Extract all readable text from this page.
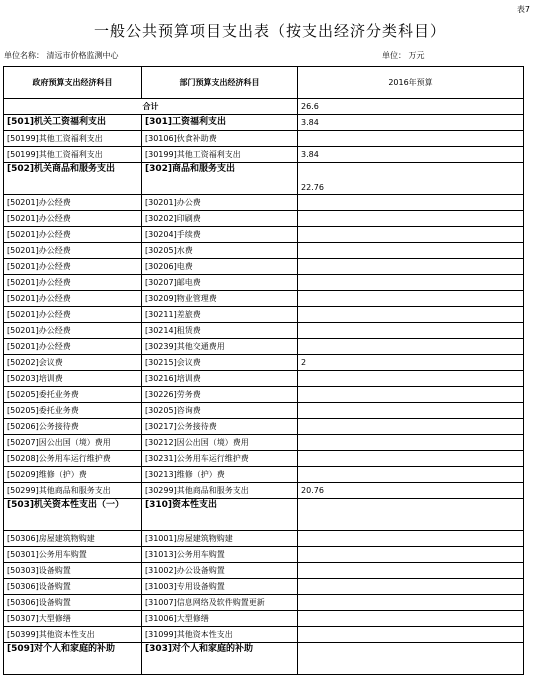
表7
一般公共预算项目支出表（按支出经济分类科目）
单位名称： 清远市价格监测中心	单位： 万元
政府预算支出经济科目	部门预算支出经济科目	2016年预算
合计		26.6
[501]机关工资福利支出	[301]工资福利支出	3.84
[50199]其他工资福利支出	[30106]伙食补助费	
[50199]其他工资福利支出	[30199]其他工资福利支出	3.84
[502]机关商品和服务支出	[302]商品和服务支出	22.76
[50201]办公经费	[30201]办公费	
[50201]办公经费	[30202]印刷费	
[50201]办公经费	[30204]手续费	
[50201]办公经费	[30205]水费	
[50201]办公经费	[30206]电费	
[50201]办公经费	[30207]邮电费	
[50201]办公经费	[30209]物业管理费	
[50201]办公经费	[30211]差旅费	
[50201]办公经费	[30214]租赁费	
[50201]办公经费	[30239]其他交通费用	
[50202]会议费	[30215]会议费	2
[50203]培训费	[30216]培训费	
[50205]委托业务费	[30226]劳务费	
[50205]委托业务费	[30205]咨询费	
[50206]公务接待费	[30217]公务接待费	
[50207]因公出国（境）费用	[30212]因公出国（境）费用	
[50208]公务用车运行维护费	[30231]公务用车运行维护费	
[50209]维修（护）费	[30213]维修（护）费	
[50299]其他商品和服务支出	[30299]其他商品和服务支出	20.76
[503]机关资本性支出（一）	[310]资本性支出	
[50306]房屋建筑物购建	[31001]房屋建筑物购建	
[50301]公务用车购置	[31013]公务用车购置	
[50303]设备购置	[31002]办公设备购置	
[50306]设备购置	[31003]专用设备购置	
[50306]设备购置	[31007]信息网络及软件购置更新	
[50307]大型修缮	[31006]大型修缮	
[50399]其他资本性支出	[31099]其他资本性支出	
[509]对个人和家庭的补助	[303]对个人和家庭的补助	
